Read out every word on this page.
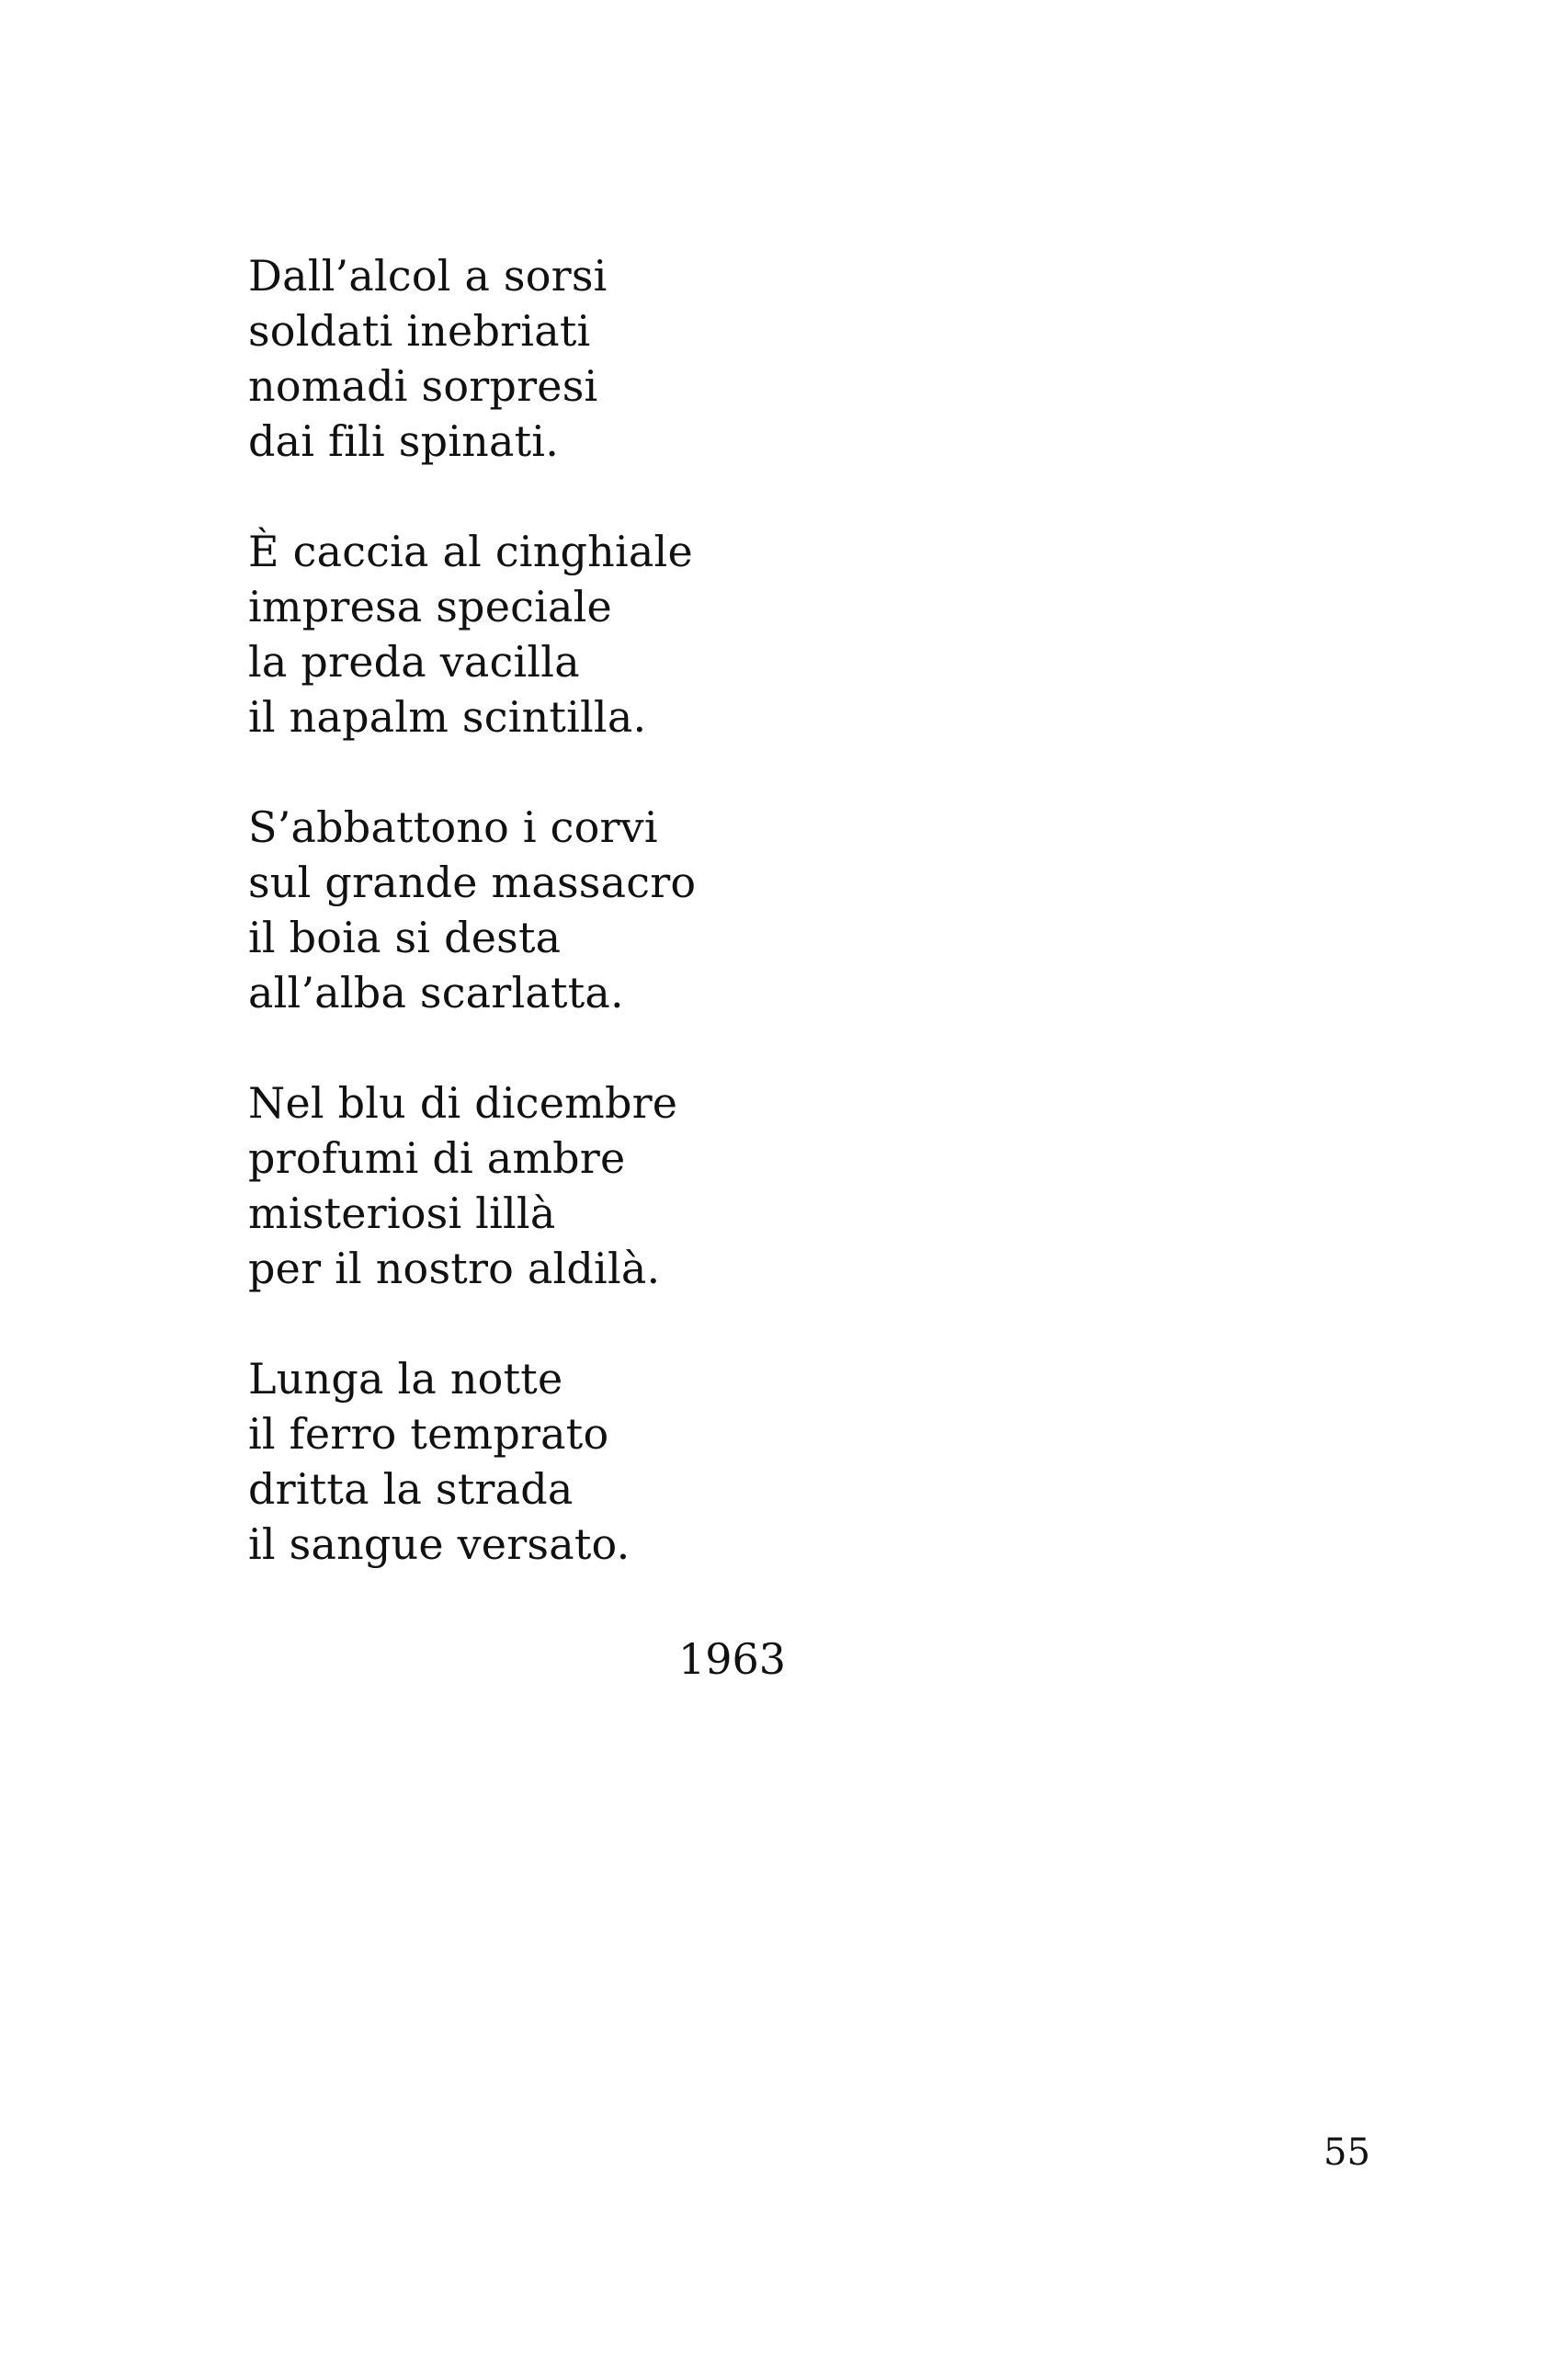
Dall’alcol a sorsi
soldati inebriati
nomadi sorpresi
dai fili spinati.
È caccia al cinghiale
impresa speciale
la preda vacilla
il napalm scintilla.
S’abbattono i corvi
sul grande massacro
il boia si desta
all’alba scarlatta.
Nel blu di dicembre
profumi di ambre
misteriosi lillà
per il nostro aldilà.
Lunga la notte
il ferro temprato
dritta la strada
il sangue versato.
1963
55
